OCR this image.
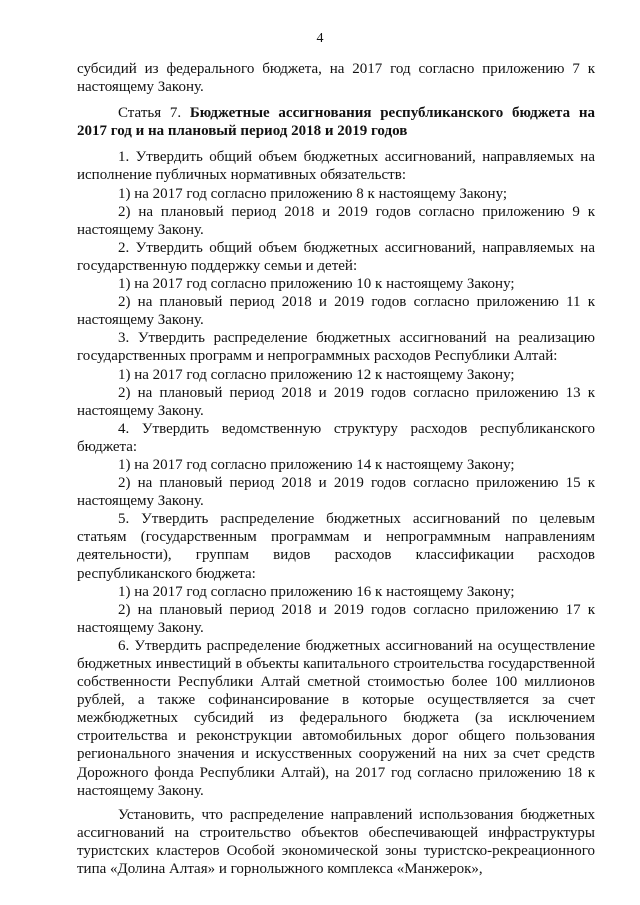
4

субсидий из федерального бюджета, на 2017 год согласно приложению 7 к настоящему Закону.

Статья 7. Бюджетные ассигнования республиканского бюджета на 2017 год и на плановый период 2018 и 2019 годов

1. Утвердить общий объем бюджетных ассигнований, направляемых на исполнение публичных нормативных обязательств:

1) на 2017 год согласно приложению 8 к настоящему Закону;

2) на плановый период 2018 и 2019 годов согласно приложению 9 к настоящему Закону.

2. Утвердить общий объем бюджетных ассигнований, направляемых на государственную поддержку семьи и детей:

1) на 2017 год согласно приложению 10 к настоящему Закону;

2) на плановый период 2018 и 2019 годов согласно приложению 11 к настоящему Закону.

3. Утвердить распределение бюджетных ассигнований на реализацию государственных программ и непрограммных расходов Республики Алтай:

1) на 2017 год согласно приложению 12 к настоящему Закону;

2) на плановый период 2018 и 2019 годов согласно приложению 13 к настоящему Закону.

4. Утвердить ведомственную структуру расходов республиканского бюджета:

1) на 2017 год согласно приложению 14 к настоящему Закону;

2) на плановый период 2018 и 2019 годов согласно приложению 15 к настоящему Закону.

5. Утвердить распределение бюджетных ассигнований по целевым статьям (государственным программам и непрограммным направлениям деятельности), группам видов расходов классификации расходов республиканского бюджета:

1) на 2017 год согласно приложению 16 к настоящему Закону;

2) на плановый период 2018 и 2019 годов согласно приложению 17 к настоящему Закону.

6. Утвердить распределение бюджетных ассигнований на осуществление бюджетных инвестиций в объекты капитального строительства государственной собственности Республики Алтай сметной стоимостью более 100 миллионов рублей, а также софинансирование в которые осуществляется за счет межбюджетных субсидий из федерального бюджета (за исключением строительства и реконструкции автомобильных дорог общего пользования регионального значения и искусственных сооружений на них за счет средств Дорожного фонда Республики Алтай), на 2017 год согласно приложению 18 к настоящему Закону.

Установить, что распределение направлений использования бюджетных ассигнований на строительство объектов обеспечивающей инфраструктуры туристских кластеров Особой экономической зоны туристско-рекреационного типа «Долина Алтая» и горнолыжного комплекса «Манжерок»,
